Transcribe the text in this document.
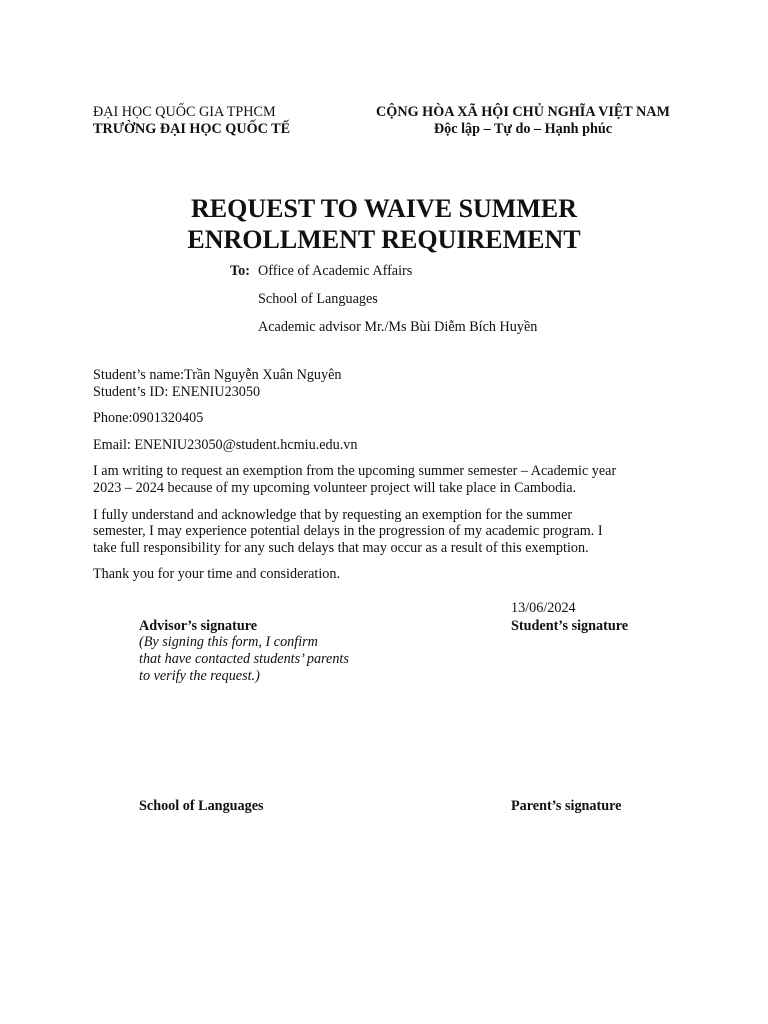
ĐẠI HỌC QUỐC GIA TPHCM
TRƯỜNG ĐẠI HỌC QUỐC TẾ
CỘNG HÒA XÃ HỘI CHỦ NGHĨA VIỆT NAM
Độc lập – Tự do – Hạnh phúc
REQUEST TO WAIVE SUMMER
ENROLLMENT REQUIREMENT
To: Office of Academic Affairs
School of Languages
Academic advisor Mr./Ms Bùi Diễm Bích Huyền
Student’s name:Trần Nguyễn Xuân Nguyên
Student’s ID: ENENIU23050
Phone:0901320405
Email: ENENIU23050@student.hcmiu.edu.vn
I am writing to request an exemption from the upcoming summer semester – Academic year
2023 – 2024 because of my upcoming volunteer project will take place in Cambodia.
I fully understand and acknowledge that by requesting an exemption for the summer
semester, I may experience potential delays in the progression of my academic program. I
take full responsibility for any such delays that may occur as a result of this exemption.
Thank you for your time and consideration.
13/06/2024
Advisor’s signature	Student’s signature
(By signing this form, I confirm
that have contacted students’ parents
to verify the request.)
School of Languages	Parent’s signature
